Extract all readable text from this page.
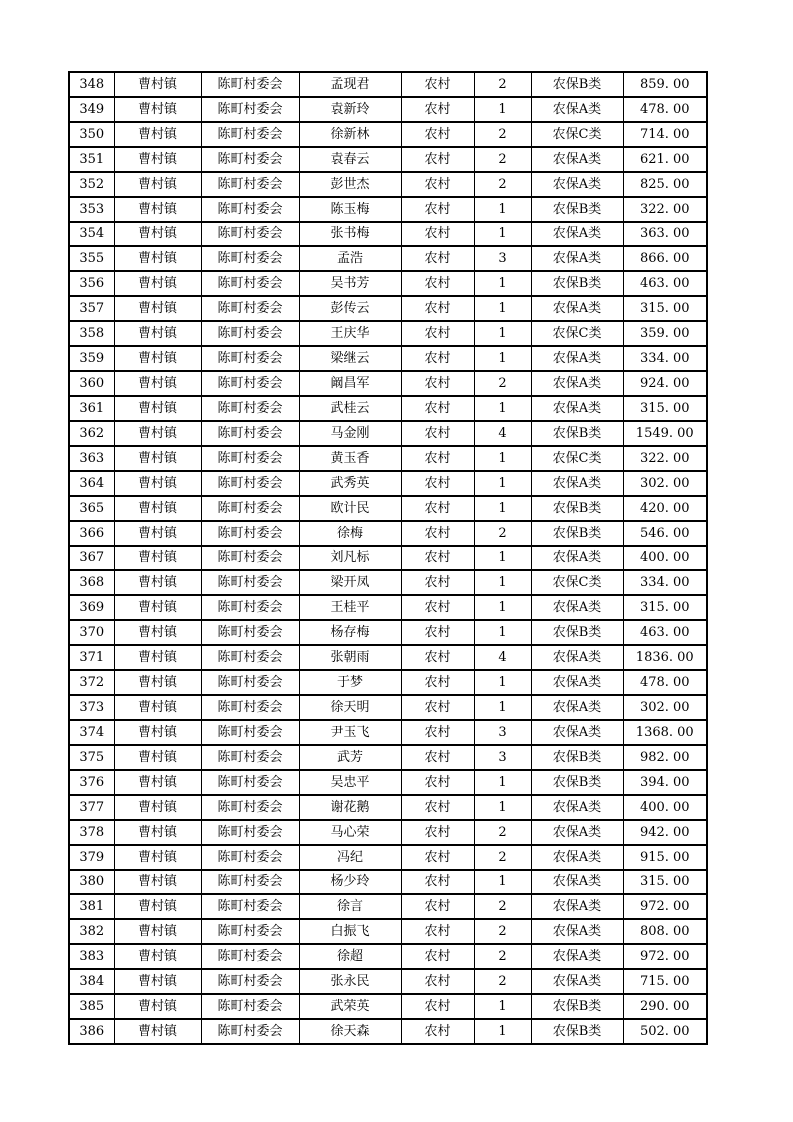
348	曹村镇	陈町村委会	孟现君	农村	2	农保B类	859. 00
349	曹村镇	陈町村委会	袁新玲	农村	1	农保A类	478. 00
350	曹村镇	陈町村委会	徐新林	农村	2	农保C类	714. 00
351	曹村镇	陈町村委会	袁春云	农村	2	农保A类	621. 00
352	曹村镇	陈町村委会	彭世杰	农村	2	农保A类	825. 00
353	曹村镇	陈町村委会	陈玉梅	农村	1	农保B类	322. 00
354	曹村镇	陈町村委会	张书梅	农村	1	农保A类	363. 00
355	曹村镇	陈町村委会	孟浩	农村	3	农保A类	866. 00
356	曹村镇	陈町村委会	吴书芳	农村	1	农保B类	463. 00
357	曹村镇	陈町村委会	彭传云	农村	1	农保A类	315. 00
358	曹村镇	陈町村委会	王庆华	农村	1	农保C类	359. 00
359	曹村镇	陈町村委会	梁继云	农村	1	农保A类	334. 00
360	曹村镇	陈町村委会	阚昌军	农村	2	农保A类	924. 00
361	曹村镇	陈町村委会	武桂云	农村	1	农保A类	315. 00
362	曹村镇	陈町村委会	马金刚	农村	4	农保B类	1549. 00
363	曹村镇	陈町村委会	黄玉香	农村	1	农保C类	322. 00
364	曹村镇	陈町村委会	武秀英	农村	1	农保A类	302. 00
365	曹村镇	陈町村委会	欧计民	农村	1	农保B类	420. 00
366	曹村镇	陈町村委会	徐梅	农村	2	农保B类	546. 00
367	曹村镇	陈町村委会	刘凡标	农村	1	农保A类	400. 00
368	曹村镇	陈町村委会	梁开凤	农村	1	农保C类	334. 00
369	曹村镇	陈町村委会	王桂平	农村	1	农保A类	315. 00
370	曹村镇	陈町村委会	杨存梅	农村	1	农保B类	463. 00
371	曹村镇	陈町村委会	张朝雨	农村	4	农保A类	1836. 00
372	曹村镇	陈町村委会	于梦	农村	1	农保A类	478. 00
373	曹村镇	陈町村委会	徐天明	农村	1	农保A类	302. 00
374	曹村镇	陈町村委会	尹玉飞	农村	3	农保A类	1368. 00
375	曹村镇	陈町村委会	武芳	农村	3	农保B类	982. 00
376	曹村镇	陈町村委会	吴忠平	农村	1	农保B类	394. 00
377	曹村镇	陈町村委会	谢花鹅	农村	1	农保A类	400. 00
378	曹村镇	陈町村委会	马心荣	农村	2	农保A类	942. 00
379	曹村镇	陈町村委会	冯纪	农村	2	农保A类	915. 00
380	曹村镇	陈町村委会	杨少玲	农村	1	农保A类	315. 00
381	曹村镇	陈町村委会	徐言	农村	2	农保A类	972. 00
382	曹村镇	陈町村委会	白振飞	农村	2	农保A类	808. 00
383	曹村镇	陈町村委会	徐超	农村	2	农保A类	972. 00
384	曹村镇	陈町村委会	张永民	农村	2	农保A类	715. 00
385	曹村镇	陈町村委会	武荣英	农村	1	农保B类	290. 00
386	曹村镇	陈町村委会	徐天森	农村	1	农保B类	502. 00
